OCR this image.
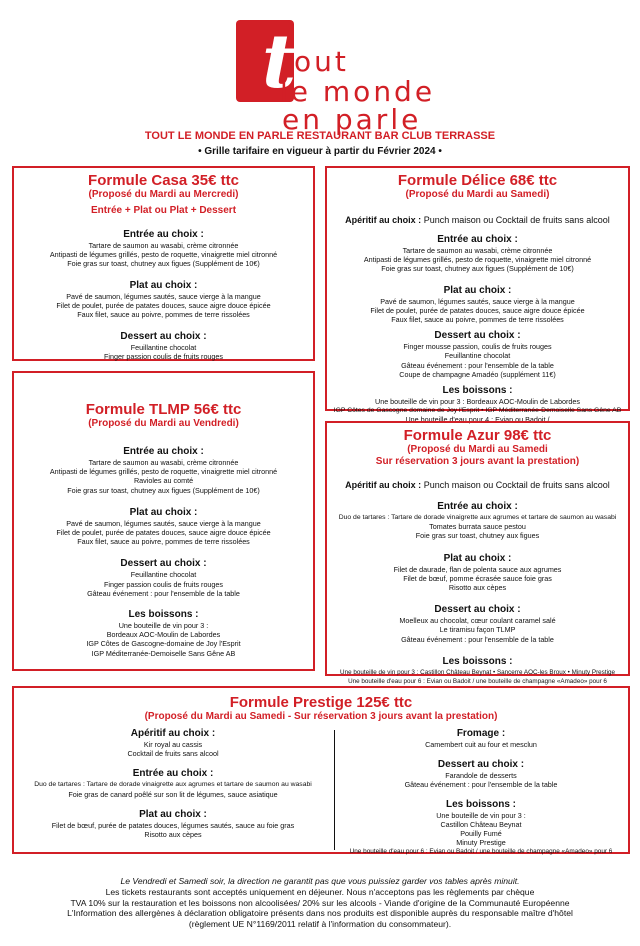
t
out
le monde
en parle
TOUT LE MONDE EN PARLE RESTAURANT BAR CLUB TERRASSE
• Grille tarifaire en vigueur à partir du Février 2024 •
Formule Casa 35€ ttc
(Proposé du Mardi au Mercredi)
Entrée + Plat ou Plat + Dessert
Entrée au choix :
Tartare de saumon au wasabi, crème citronnée
Antipasti de légumes grillés, pesto de roquette, vinaigrette miel citronné
Foie gras sur toast, chutney aux figues (Supplément de 10€)
Plat au choix :
Pavé de saumon, légumes sautés, sauce vierge à la mangue
Filet de poulet, purée de patates douces, sauce aigre douce épicée
Faux filet, sauce au poivre, pommes de terre rissolées
Dessert au choix :
Feuillantine chocolat
Finger passion coulis de fruits rouges
Formule Délice 68€ ttc
(Proposé du Mardi au Samedi)
Apéritif au choix : Punch maison ou Cocktail de fruits sans alcool
Entrée au choix :
Tartare de saumon au wasabi, crème citronnée
Antipasti de légumes grillés, pesto de roquette, vinaigrette miel citronné
Foie gras sur toast, chutney aux figues (Supplément de 10€)
Plat au choix :
Pavé de saumon, légumes sautés, sauce vierge à la mangue
Filet de poulet, purée de patates douces, sauce aigre douce épicée
Faux filet, sauce au poivre, pommes de terre rissolées
Dessert au choix :
Finger mousse passion, coulis de fruits rouges
Feuillantine chocolat
Gâteau événement : pour l'ensemble de la table
Coupe de champagne Amadéo (supplément 11€)
Les boissons :
Une bouteille de vin pour 3 : Bordeaux AOC-Moulin de Labordes
IGP Côtes de Gascogne domaine de Joy l'Esprit • IGP Méditerranée-Demoiselle Sans Gêne AB
Une bouteille d'eau pour 4 : Evian ou Badoit /
Formule TLMP 56€ ttc
(Proposé du Mardi au Vendredi)
Entrée au choix :
Tartare de saumon au wasabi, crème citronnée
Antipasti de légumes grillés, pesto de roquette, vinaigrette miel citronné
Ravioles au comté
Foie gras sur toast, chutney aux figues (Supplément de 10€)
Plat au choix :
Pavé de saumon, légumes sautés, sauce vierge à la mangue
Filet de poulet, purée de patates douces, sauce aigre douce épicée
Faux filet, sauce au poivre, pommes de terre rissolées
Dessert au choix :
Feuillantine chocolat
Finger passion coulis de fruits rouges
Gâteau événement : pour l'ensemble de la table
Les boissons :
Une bouteille de vin pour 3 :
Bordeaux AOC-Moulin de Labordes
IGP Côtes de Gascogne-domaine de Joy l'Esprit
IGP Méditerranée-Demoiselle Sans Gêne AB
Formule Azur 98€ ttc
(Proposé du Mardi au Samedi
Sur réservation 3 jours avant la prestation)
Apéritif au choix : Punch maison ou Cocktail de fruits sans alcool
Entrée au choix :
Duo de tartares : Tartare de dorade vinaigrette aux agrumes et tartare de saumon au wasabi
Tomates burrata sauce pestou
Foie gras sur toast, chutney aux figues
Plat au choix :
Filet de daurade, flan de polenta sauce aux agrumes
Filet de bœuf, pomme écrasée sauce foie gras
Risotto aux cèpes
Dessert au choix :
Moelleux au chocolat, cœur coulant caramel salé
Le tiramisu façon TLMP
Gâteau événement : pour l'ensemble de la table
Les boissons :
Une bouteille de vin pour 3 : Castillon Château Beynat • Sancerre AOC-les Broux • Minuty Prestige
Une bouteille d'eau pour 6 : Evian ou Badoit / une bouteille de champagne «Amadeo» pour 6
Formule Prestige 125€ ttc
(Proposé du Mardi au Samedi - Sur réservation 3 jours avant la prestation)
Apéritif au choix :
Kir royal au cassis
Cocktail de fruits sans alcool
Entrée au choix :
Duo de tartares : Tartare de dorade vinaigrette aux agrumes et tartare de saumon au wasabi
Foie gras de canard poêlé sur son lit de légumes, sauce asiatique
Plat au choix :
Filet de bœuf, purée de patates douces, légumes sautés, sauce au foie gras
Risotto aux cèpes
Fromage :
Camembert cuit au four et mesclun
Dessert au choix :
Farandole de desserts
Gâteau événement : pour l'ensemble de la table
Les boissons :
Une bouteille de vin pour 3 :
Castillon Château Beynat
Pouilly Fumé
Minuty Prestige
Une bouteille d'eau pour 6 : Evian ou Badoit / une bouteille de champagne «Amadeo» pour 6
Le Vendredi et Samedi soir, la direction ne garantit pas que vous puissiez garder vos tables après minuit.
Les tickets restaurants sont acceptés uniquement en déjeuner. Nous n'acceptons pas les règlements par chèque
TVA 10% sur la restauration et les boissons non alcoolisées/ 20% sur les alcools - Viande d'origine de la Communauté Européenne
L'Information des allergènes à déclaration obligatoire présents dans nos produits est disponible auprès du responsable maître d'hôtel
(règlement UE N°1169/2011 relatif à l'information du consommateur).
